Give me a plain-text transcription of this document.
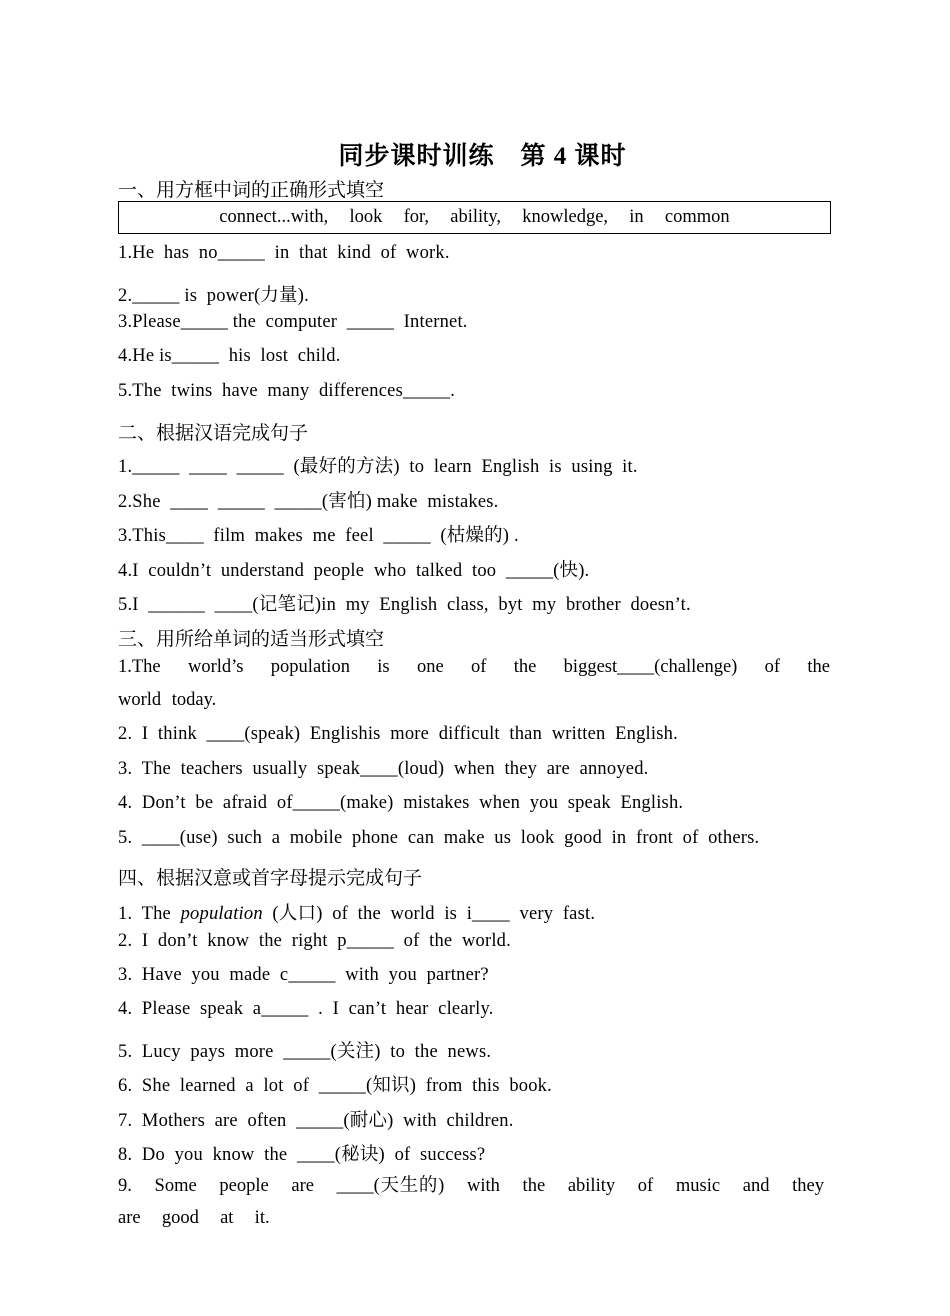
同步课时训练　第 4 课时
一、用方框中词的正确形式填空
connect...with,  look  for,  ability,  knowledge,  in  common
1.He  has  no_____  in  that  kind  of  work.
2._____ is  power(力量).
3.Please_____ the  computer  _____  Internet.
4.He is_____  his  lost  child.
5.The  twins  have  many  differences_____.
二、根据汉语完成句子
1._____  ____  _____  (最好的方法)  to  learn  English  is  using  it.
2.She  ____  _____  _____(害怕) make  mistakes.
3.This____  film  makes  me  feel  _____  (枯燥的) .
4.I  couldn’t  understand  people  who  talked  too  _____(快).
5.I  ______  ____(记笔记)in  my  English  class,  byt  my  brother  doesn’t.
三、用所给单词的适当形式填空
1.The  world’s  population  is  one  of  the  biggest____(challenge)  of  the  world today.
2.  I  think  ____(speak)  Englishis  more  difficult  than  written  English.
3.  The  teachers  usually  speak____(loud)  when  they  are  annoyed.
4.  Don’t  be  afraid  of_____(make)  mistakes  when  you  speak  English.
5.  ____(use)  such  a  mobile  phone  can  make  us  look  good  in  front  of  others.
四、根据汉意或首字母提示完成句子
1.  The  population  (人口)  of  the  world  is  i____  very  fast.
2.  I  don’t  know  the  right  p_____  of  the  world.
3.  Have  you  made  c_____  with  you  partner?
4.  Please  speak  a_____  .  I  can’t  hear  clearly.
5.  Lucy  pays  more  _____(关注)  to  the  news.
6.  She  learned  a  lot  of  _____(知识)  from  this  book.
7.  Mothers  are  often  _____(耐心)  with  children.
8.  Do  you  know  the  ____(秘诀)  of  success?
9.  Some  people  are  ____(天生的)  with  the  ability  of  music  and  they  are  good  at  it.
